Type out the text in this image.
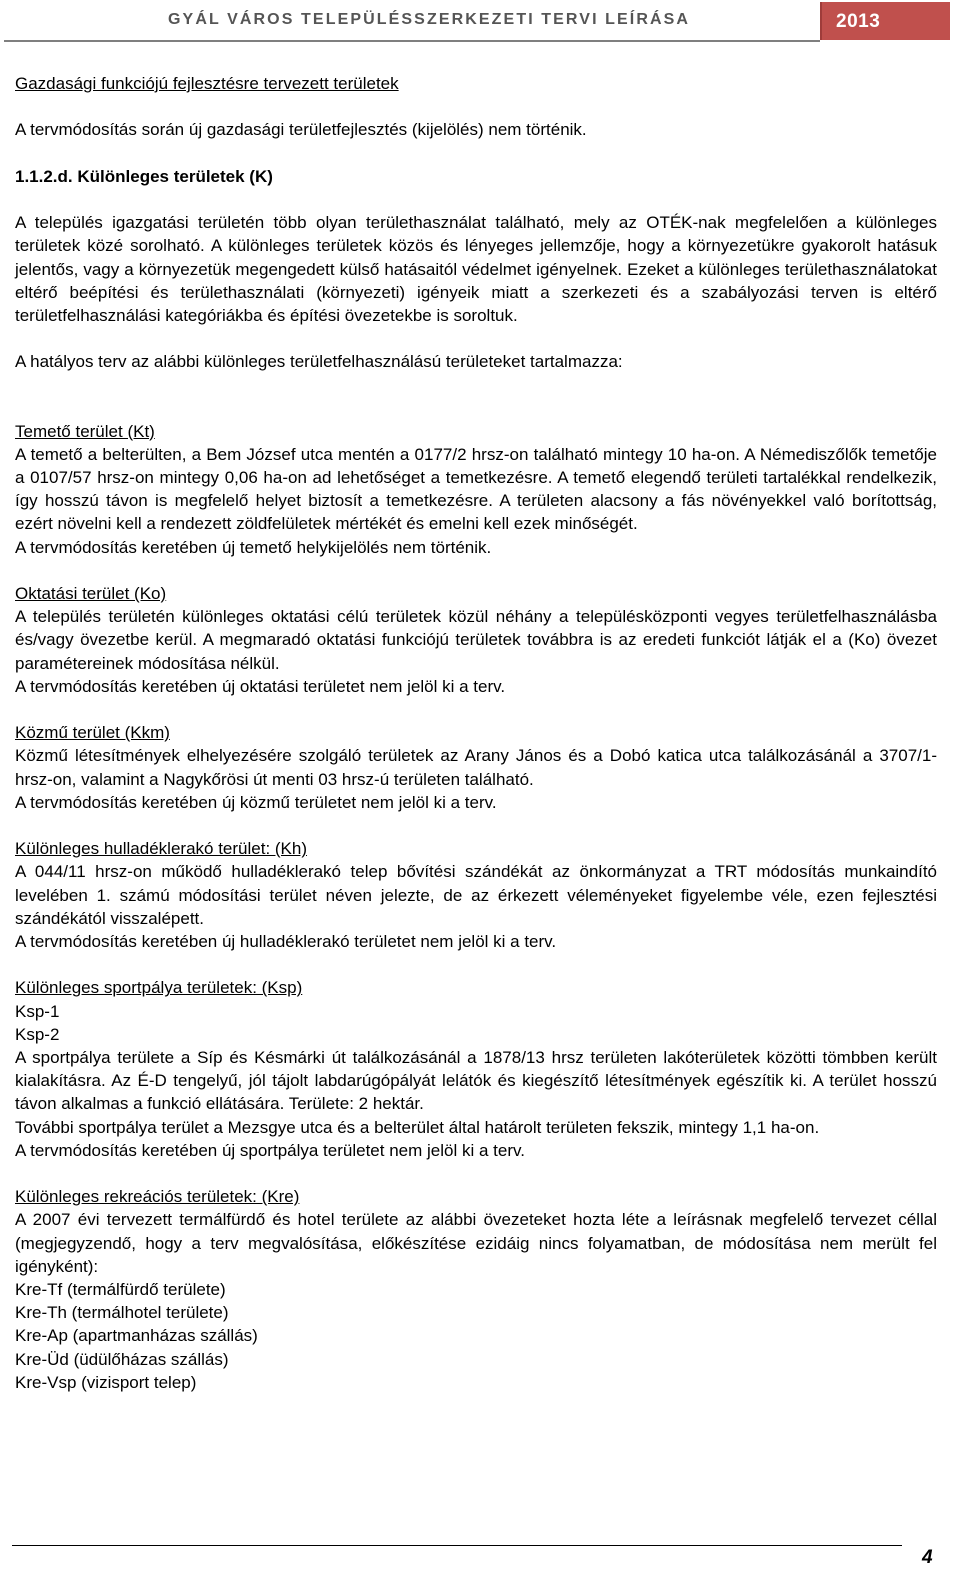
GYÁL VÁROS TELEPÜLÉSSZERKEZETI TERVI LEÍRÁSA	2013

Gazdasági funkciójú fejlesztésre tervezett területek

A tervmódosítás során új gazdasági területfejlesztés (kijelölés) nem történik.

1.1.2.d. Különleges területek (K)

A település igazgatási területén több olyan területhasználat található, mely az OTÉK-nak megfelelően a különleges területek közé sorolható. A különleges területek közös és lényeges jellemzője, hogy a környezetükre gyakorolt hatásuk jelentős, vagy a környezetük megengedett külső hatásaitól védelmet igényelnek. Ezeket a különleges területhasználatokat eltérő beépítési és területhasználati (környezeti) igényeik miatt a szerkezeti és a szabályozási terven is eltérő területfelhasználási kategóriákba és építési övezetekbe is soroltuk.

A hatályos terv az alábbi különleges területfelhasználású területeket tartalmazza:

Temető terület (Kt)

A temető a belterülten, a Bem József utca mentén a 0177/2 hrsz-on található mintegy 10 ha-on. A Némediszőlők temetője a 0107/57 hrsz-on mintegy 0,06 ha-on ad lehetőséget a temetkezésre. A temető elegendő területi tartalékkal rendelkezik, így hosszú távon is megfelelő helyet biztosít a temetkezésre. A területen alacsony a fás növényekkel való borítottság, ezért növelni kell a rendezett zöldfelületek mértékét és emelni kell ezek minőségét.

A tervmódosítás keretében új temető helykijelölés nem történik.

Oktatási terület (Ko)

A település területén különleges oktatási célú területek közül néhány a településközponti vegyes területfelhasználásba és/vagy övezetbe kerül. A megmaradó oktatási funkciójú területek továbbra is az eredeti funkciót látják el a (Ko) övezet paramétereinek módosítása nélkül.

A tervmódosítás keretében új oktatási területet nem jelöl ki a terv.

Közmű terület (Kkm)

Közmű létesítmények elhelyezésére szolgáló területek az Arany János és a Dobó katica utca találkozásánál a 3707/1-hrsz-on, valamint a Nagykőrösi út menti 03 hrsz-ú területen található.

A tervmódosítás keretében új közmű területet nem jelöl ki a terv.

Különleges hulladéklerakó terület: (Kh)

A 044/11 hrsz-on működő hulladéklerakó telep bővítési szándékát az önkormányzat a TRT módosítás munkaindító levelében 1. számú módosítási terület néven jelezte, de az érkezett véleményeket figyelembe véle, ezen fejlesztési szándékától visszalépett.

A tervmódosítás keretében új hulladéklerakó területet nem jelöl ki a terv.

Különleges sportpálya területek: (Ksp)

Ksp-1

Ksp-2

A sportpálya területe a Síp és Késmárki út találkozásánál a 1878/13 hrsz területen lakóterületek közötti tömbben került kialakításra. Az É-D tengelyű, jól tájolt labdarúgópályát lelátók és kiegészítő létesítmények egészítik ki. A terület hosszú távon alkalmas a funkció ellátására. Területe: 2 hektár.

További sportpálya terület a Mezsgye utca és a belterület által határolt területen fekszik, mintegy 1,1 ha-on.

A tervmódosítás keretében új sportpálya területet nem jelöl ki a terv.

Különleges rekreációs területek: (Kre)

A 2007 évi tervezett termálfürdő és hotel területe az alábbi övezeteket hozta léte a leírásnak megfelelő tervezet céllal (megjegyzendő, hogy a terv megvalósítása, előkészítése ezidáig nincs folyamatban, de módosítása nem merült fel igényként):

Kre-Tf (termálfürdő területe)

Kre-Th (termálhotel területe)

Kre-Ap (apartmanházas szállás)

Kre-Üd (üdülőházas szállás)

Kre-Vsp (vizisport telep)

4
